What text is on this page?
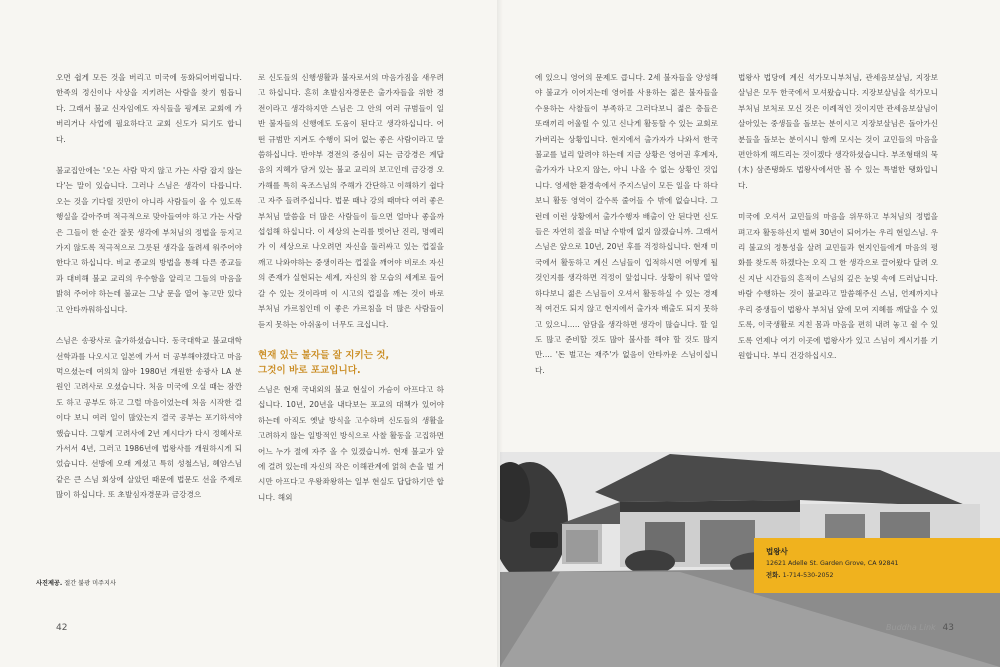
오면 쉽게 모든 것을 버리고 미국에 동화되어버립니다. 한족의 정신이나 사상을 지키려는 사람을 찾기 힘듭니다. 그래서 불교 신자임에도 자식들을 핑계로 교회에 가 버리거나 사업에 필요하다고 교회 신도가 되기도 합니다.

불교집안에는 '오는 사람 막지 않고 가는 사람 잡지 않는다'는 말이 있습니다. 그러나 스님은 생각이 다릅니다. 오는 것을 기다릴 것만이 아니라 사람들이 올 수 있도록 행실을 갈아주며 적극적으로 맞아들여야 하고 가는 사람은 그들이 한 순간 잘못 생각에 부처님의 정법을 등지고 가지 않도록 적극적으로 그릇된 생각을 돌려세 워주어야 한다고 하십니다. 비교 종교의 방법을 통해 다른 종교들과 대비해 불교 교리의 우수함을 알리고 그들의 마음을 밝혀 주어야 하는데 불교는 그냥 문을 열어 놓고만 있다고 안타까워하십니다.

스님은 송광사로 출가하셨습니다. 동국대학교 불교대학 선학과를 나오시고 일본에 가서 더 공부해야겠다고 마음 먹으셨는데 여의치 않아 1980년 개원한 송광사 LA 분원인 고려사로 오셨습니다. 처음 미국에 오실 때는 잠깐도 하고 공부도 하고 그럴 마음이었는데 처음 시작한 걸이다 보니 여러 일이 많았는지 결국 공부는 포기하셔야 했습니다. 그렇게 고려사에 2년 계시다가 다시 정혜사로 가서서 4년, 그러고 1986년에 법왕사를 개원하시게 되었습니다. 선방에 오래 계셨고 특히 성철스님, 혜암스님 같은 큰 스님 회상에 살았던 때문에 법문도 선을 주제로 많이 하십니다. 또 초발심자경문과 금강경으

로 신도들의 신행생활과 불자로서의 마음가짐을 새우려고 하십니다. 흔히 초발심자경문은 출가자들을 위한 경전이라고 생각하지만 스님은 그 안의 여러 규범들이 일반 불자들의 신행에도 도움이 된다고 생각하십니다. 어떤 규범만 지켜도 수행이 되어 없는 좋은 사람이라고 말씀하십니다. 반야부 경전의 중심이 되는 금강경은 계답음의 지혜가 담겨 있는 불교 교리의 보고인데 금강경 오가해를 특히 육조스님의 주해가 간단하고 이해하기 쉽다고 자주 들려주십니다. 법문 때나 강의 때마다 여러 좋은 부처님 말씀을 더 많은 사람들이 들으면 얼마나 좋을까 섭섭해 하십니다. 이 세상의 논리를 벗어난 진리, 명예리가 이 세상으로 나오려면 자신을 둘러싸고 있는 껍질을 깨고 나와야하는 중생이라는 껍질을 깨어야 비로소 자신의 존재가 실현되는 세계, 자신의 참 모습의 세계로 들어갈 수 있는 것이라며 이 시고의 껍질을 깨는 것이 바로 부처님 가르침인데 이 좋은 가르침을 더 많은 사람들이 듣지 못하는 아쉬움이 너무도 크십니다.

현재 있는 불자들 잘 지키는 것,
그것이 바로 포교입니다.

스님은 현재 국내외의 불교 현실이 가슴이 아프다고 하십니다. 10년, 20년을 내다보는 포교의 대책가 있어야 하는데 아직도 옛날 방식을 고수하며 신도들의 생활을 고려하지 않는 일방적인 방식으로 사찰 활동을 고집하면 어느 누가 절에 자주 올 수 있겠습니까. 현재 불교가 앞에 걸려 있는데 자신의 작은 이해관계에 얽혀 손을 벌 거시만 아프다고 우왕좌왕하는 일부 현실도 답답하기만 합니다. 해외

42

에 있으니 영어의 문제도 큽니다. 2세 불자들을 양성해야 불교가 이어지는데 영어를 사용하는 젊은 불자들을 수용하는 사찰들이 부족하고 그러다보니 젊은 층들은 또래끼리 어울릴 수 있고 신나게 활동할 수 있는 교회로 가버리는 상황입니다. 현지에서 출가자가 나와서 한국불교를 널리 알려야 하는데 지금 상황은 영어권 후계자, 출가자가 나오지 않는, 아니 나올 수 없는 상황인 것입니다. 영세한 환경속에서 주지스님이 모든 일을 다 하다보니 활동 영역이 갈수록 줄어들 수 밖에 없습니다. 그런데 이런 상황에서 출가수행자 배출이 안 된다면 신도들은 자연히 절을 떠날 수밖에 없지 않겠습니까. 그래서 스님은 앞으로 10년, 20년 후를 걱정하십니다. 현재 미국에서 활동하고 계신 스님들이 입적하시면 어떻게 될 것인지를 생각하면 걱정이 앞섭니다. 상황이 워낙 열악하다보니 젊은 스님들이 오셔서 활동하실 수 있는 경제적 여건도 되지 않고 현지에서 출가자 배출도 되지 못하고 있으니..... 암담을 생각하면 생각이 많습니다. 할 일도 많고 준비할 것도 많아 불사를 해야 할 것도 많지만.... '돈 벌고는 재주'가 없음이 안타까운 스님이십니다.

법왕사 법당에 계신 석가모니부처님, 관세음보살님, 지장보살님은 모두 한국에서 모셔왔습니다. 지장보살님을 석가모니부처님 보처로 모신 것은 이례적인 것이지만 관세음보살님이 살아있는 중생들을 돌보는 분이시고 지장보살님은 돌아가신 분들을 돌보는 분이시니 함께 모시는 것이 교민들의 마음을 편안하게 해드리는 것이겠다 생각하셨습니다. 부조형태의 묵(木) 삼존탱화도 법왕사에서만 볼 수 있는 특별한 탱화입니다.

미국에 오셔서 교민들의 마음을 위무하고 부처님의 정법을 펴고자 활동하신지 벌써 30년이 되어가는 우리 현일스님. 우리 불교의 정통성을 살려 교민들과 현지인들에게 마음의 평화를 찾도록 하겠다는 오직 그 한 생각으로 끌어왔다 달려 오신 지난 시간들의 흔적이 스님의 깊은 눈빛 속에 드러납니다. 바람 수행하는 것이 불교라고 말씀해주신 스님, 언제까지나 우리 중생들이 법왕사 부처님 앞에 모여 지혜를 깨달을 수 있도록, 이국생활로 지친 몸과 마음을 편히 내려 놓고 쉴 수 있도록 언제나 여기 이곳에 법왕사가 있고 스님이 계시기를 기원합니다. 부디 건강하십시오.

법왕사
12621 Adelle St. Garden Grove, CA 92841
전화. 1-714-530-2052
Buddha Link 43
사진제공. 절간 불광 미주지사
